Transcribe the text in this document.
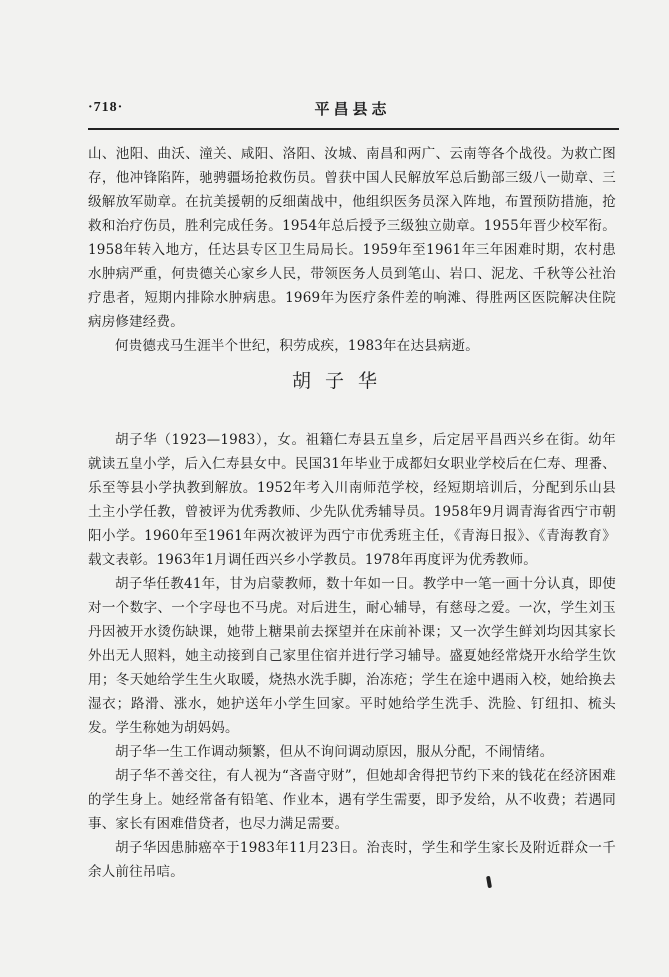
·718·	平昌县志

山、池阳、曲沃、潼关、咸阳、洛阳、汝城、南昌和两广、云南等各个战役。为救亡图存，他冲锋陷阵，驰骋疆场抢救伤员。曾获中国人民解放军总后勤部三级八一勋章、三级解放军勋章。在抗美援朝的反细菌战中，他组织医务员深入阵地，布置预防措施，抢救和治疗伤员，胜利完成任务。1954年总后授予三级独立勋章。1955年晋少校军衔。1958年转入地方，任达县专区卫生局局长。1959年至1961年三年困难时期，农村患水肿病严重，何贵德关心家乡人民，带领医务人员到笔山、岩口、泥龙、千秋等公社治疗患者，短期内排除水肿病患。1969年为医疗条件差的响滩、得胜两区医院解决住院病房修建经费。

何贵德戎马生涯半个世纪，积劳成疾，1983年在达县病逝。

胡子华

胡子华（1923—1983），女。祖籍仁寿县五皇乡，后定居平昌西兴乡在街。幼年就读五皇小学，后入仁寿县女中。民国31年毕业于成都妇女职业学校后在仁寿、理番、乐至等县小学执教到解放。1952年考入川南师范学校，经短期培训后，分配到乐山县土主小学任教，曾被评为优秀教师、少先队优秀辅导员。1958年9月调青海省西宁市朝阳小学。1960年至1961年两次被评为西宁市优秀班主任，《青海日报》、《青海教育》载文表彰。1963年1月调任西兴乡小学教员。1978年再度评为优秀教师。

胡子华任教41年，甘为启蒙教师，数十年如一日。教学中一笔一画十分认真，即使对一个数字、一个字母也不马虎。对后进生，耐心辅导，有慈母之爱。一次，学生刘玉丹因被开水烫伤缺课，她带上糖果前去探望并在床前补课；又一次学生鲜刘均因其家长外出无人照料，她主动接到自己家里住宿并进行学习辅导。盛夏她经常烧开水给学生饮用；冬天她给学生生火取暖，烧热水洗手脚，治冻疮；学生在途中遇雨入校，她给换去湿衣；路滑、涨水，她护送年小学生回家。平时她给学生洗手、洗脸、钉纽扣、梳头发。学生称她为胡妈妈。

胡子华一生工作调动频繁，但从不询问调动原因，服从分配，不闹情绪。

胡子华不善交往，有人视为“吝啬守财”，但她却舍得把节约下来的钱花在经济困难的学生身上。她经常备有铅笔、作业本，遇有学生需要，即予发给，从不收费；若遇同事、家长有困难借贷者，也尽力满足需要。

胡子华因患肺癌卒于1983年11月23日。治丧时，学生和学生家长及附近群众一千余人前往吊唁。
